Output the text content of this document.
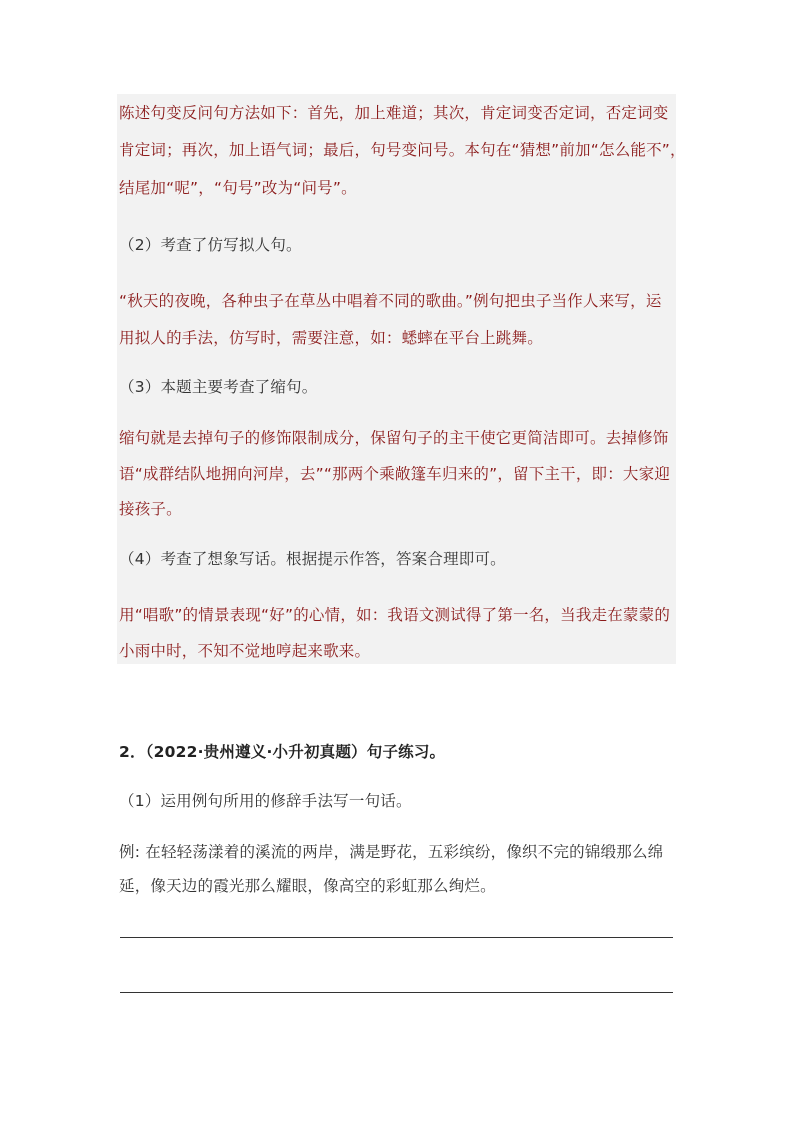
陈述句变反问句方法如下：首先，加上难道；其次，肯定词变否定词，否定词变
肯定词；再次，加上语气词；最后，句号变问号。本句在“猜想”前加“怎么能不”，
结尾加“呢”，“句号”改为“问号”。
（2）考查了仿写拟人句。
“秋天的夜晚，各种虫子在草丛中唱着不同的歌曲。”例句把虫子当作人来写，运
用拟人的手法，仿写时，需要注意，如：蟋蟀在平台上跳舞。
（3）本题主要考查了缩句。
缩句就是去掉句子的修饰限制成分，保留句子的主干使它更简洁即可。去掉修饰
语“成群结队地拥向河岸，去”“那两个乘敞篷车归来的”，留下主干，即：大家迎
接孩子。
（4）考查了想象写话。根据提示作答，答案合理即可。
用“唱歌”的情景表现“好”的心情，如：我语文测试得了第一名，当我走在蒙蒙的
小雨中时，不知不觉地哼起来歌来。
2．（2022·贵州遵义·小升初真题）句子练习。
（1）运用例句所用的修辞手法写一句话。
例: 在轻轻荡漾着的溪流的两岸，满是野花，五彩缤纷，像织不完的锦缎那么绵
延，像天边的霞光那么耀眼，像高空的彩虹那么绚烂。
